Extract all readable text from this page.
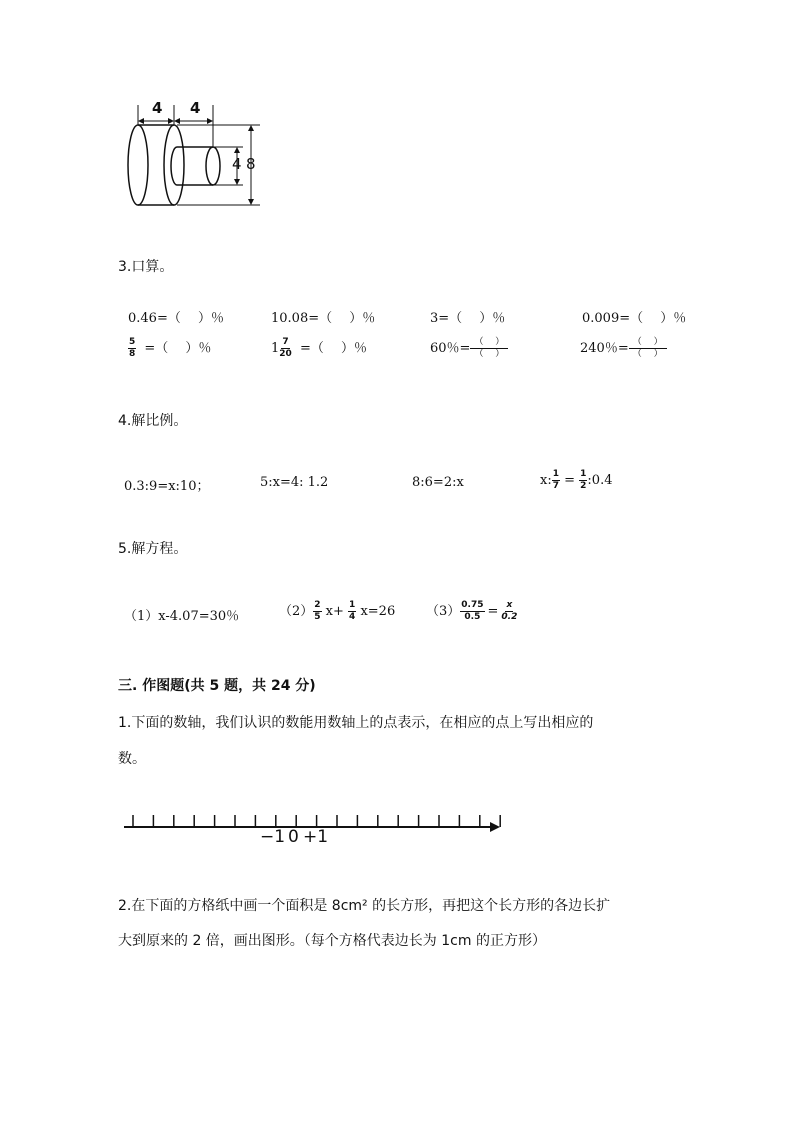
4 4
4 8
3.口算。
0.46=（　 ）％	10.08=（　 ）％	3=（　 ）％	0.009=（　 ）％
$\frac{5}{8}$ =（　 ）％	$1 \frac{7}{20}$ =（　 ）％	60％= $\frac{( )}{( )}$	240％= $\frac{( )}{( )}$
4.解比例。
0.3:9=x:10；	5:x=4: 1.2	8:6=2:x	x: $\frac{1}{7} = \frac{1}{2}$ :0.4
5.解方程。
（1）x-4.07=30％	$(2) \frac{2}{5} x+ \frac{1}{4} x=26$ $(3) \frac{0.75}{0.5} = \frac{x}{0.2}$
三. 作图题(共 5 题，共 24 分)
1.下面的数轴，我们认识的数能用数轴上的点表示，在相应的点上写出相应的
数。
−1 0 +1
2.在下面的方格纸中画一个面积是 8cm² 的长方形，再把这个长方形的各边长扩
大到原来的 2 倍，画出图形。（每个方格代表边长为 1cm 的正方形）
